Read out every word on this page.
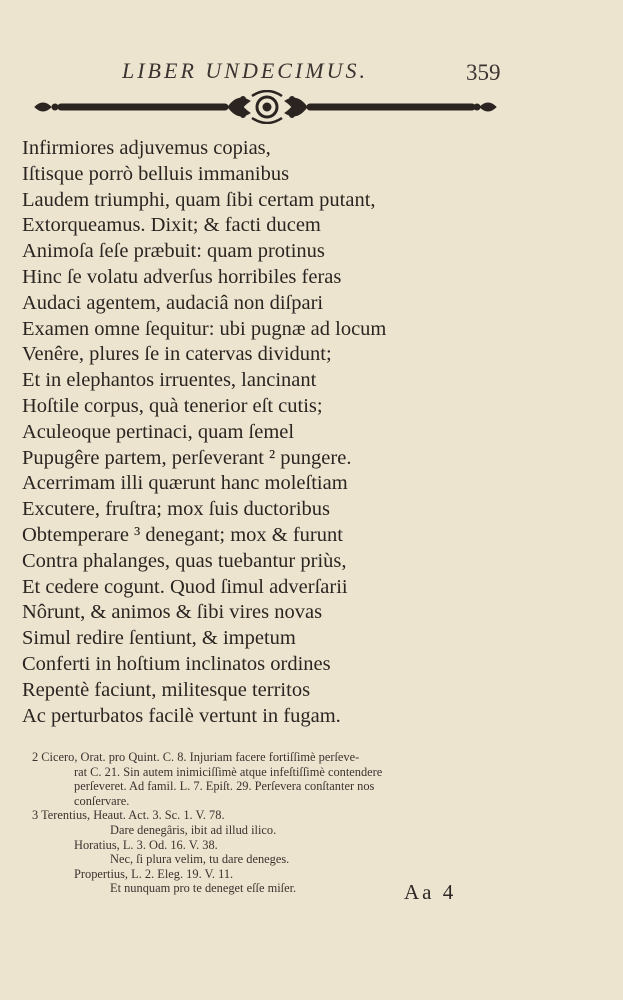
LIBER UNDECIMUS.	359
Infirmiores adjuvemus copias,
Iſtisque porrò belluis immanibus
Laudem triumphi, quam ſibi certam putant,
Extorqueamus. Dixit; & facti ducem
Animoſa ſeſe præbuit: quam protinus
Hinc ſe volatu adverſus horribiles feras
Audaci agentem, audaciâ non diſpari
Examen omne ſequitur: ubi pugnæ ad locum
Venêre, plures ſe in catervas dividunt;
Et in elephantos irruentes, lancinant
Hoſtile corpus, quà tenerior eſt cutis;
Aculeoque pertinaci, quam ſemel
Pupugêre partem, perſeverant ² pungere.
Acerrimam illi quærunt hanc moleſtiam
Excutere, fruſtra; mox ſuis ductoribus
Obtemperare ³ denegant; mox & furunt
Contra phalanges, quas tuebantur priùs,
Et cedere cogunt. Quod ſimul adverſarii
Nôrunt, & animos & ſibi vires novas
Simul redire ſentiunt, & impetum
Conferti in hoſtium inclinatos ordines
Repentè faciunt, militesque territos
Ac perturbatos facilè vertunt in fugam.
2 Cicero, Orat. pro Quint. C. 8. Injuriam facere fortiſſimè perſeve-
rat C. 21. Sin autem inimiciſſimè atque infeſtiſſimè contendere
perſeveret. Ad famil. L. 7. Epiſt. 29. Perſevera conſtanter nos
conſervare.
3 Terentius, Heaut. Act. 3. Sc. 1. V. 78.
Dare denegâris, ibit ad illud ilico.
Horatius, L. 3. Od. 16. V. 38.
Nec, ſi plura velim, tu dare deneges.
Propertius, L. 2. Eleg. 19. V. 11.
Et nunquam pro te deneget eſſe miſer.	Aa 4
